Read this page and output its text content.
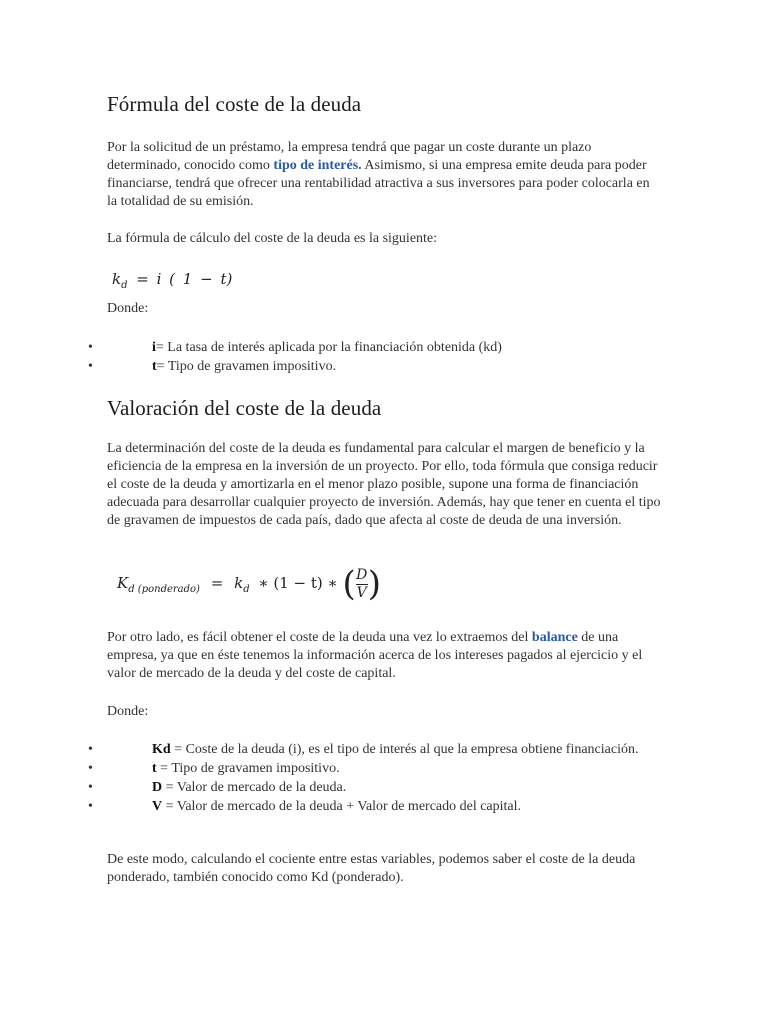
Fórmula del coste de la deuda

Por la solicitud de un préstamo, la empresa tendrá que pagar un coste durante un plazo determinado, conocido como tipo de interés. Asimismo, si una empresa emite deuda para poder financiarse, tendrá que ofrecer una rentabilidad atractiva a sus inversores para poder colocarla en la totalidad de su emisión.

La fórmula de cálculo del coste de la deuda es la siguiente:

$k_d = i$ ( 1 − t)

Donde:

•	i= La tasa de interés aplicada por la financiación obtenida (kd)
•	t= Tipo de gravamen impositivo.
Valoración del coste de la deuda

La determinación del coste de la deuda es fundamental para calcular el margen de beneficio y la eficiencia de la empresa en la inversión de un proyecto. Por ello, toda fórmula que consiga reducir el coste de la deuda y amortizarla en el menor plazo posible, supone una forma de financiación adecuada para desarrollar cualquier proyecto de inversión. Además, hay que tener en cuenta el tipo de gravamen de impuestos de cada país, dado que afecta al coste de deuda de una inversión.

$K_{d (ponderado)} = k_d$ ∗ (1 − t) ∗ ( $\frac{D}{V}$ )

Por otro lado, es fácil obtener el coste de la deuda una vez lo extraemos del balance de una empresa, ya que en éste tenemos la información acerca de los intereses pagados al ejercicio y el valor de mercado de la deuda y del coste de capital.

Donde:

•	Kd = Coste de la deuda (i), es el tipo de interés al que la empresa obtiene financiación.
•	t = Tipo de gravamen impositivo.
•	D = Valor de mercado de la deuda.
•	V = Valor de mercado de la deuda + Valor de mercado del capital.

De este modo, calculando el cociente entre estas variables, podemos saber el coste de la deuda ponderado, también conocido como Kd (ponderado).
